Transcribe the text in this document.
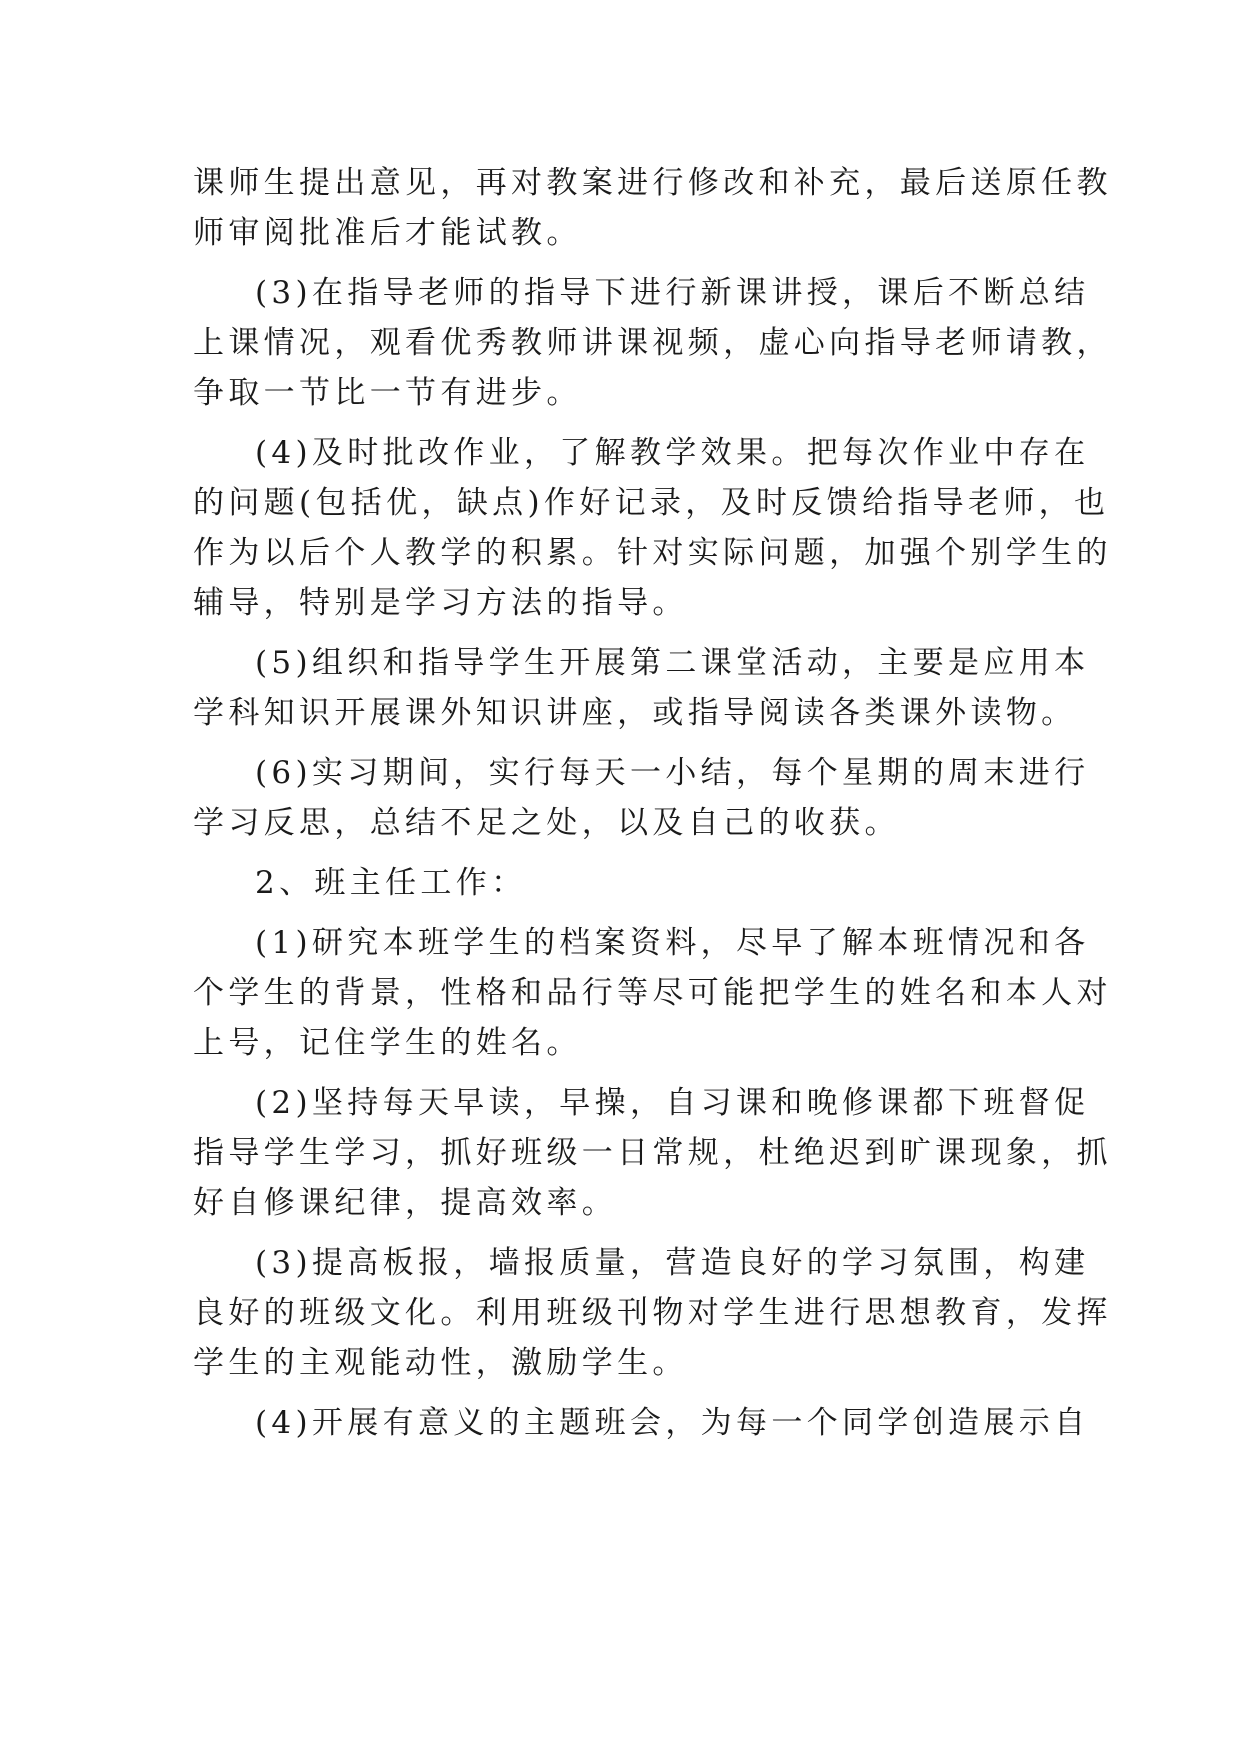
课师生提出意见，再对教案进行修改和补充，最后送原任教
师审阅批准后才能试教。
(3)在指导老师的指导下进行新课讲授，课后不断总结
上课情况，观看优秀教师讲课视频，虚心向指导老师请教，
争取一节比一节有进步。
(4)及时批改作业，了解教学效果。把每次作业中存在
的问题(包括优，缺点)作好记录，及时反馈给指导老师，也
作为以后个人教学的积累。针对实际问题，加强个别学生的
辅导，特别是学习方法的指导。
(5)组织和指导学生开展第二课堂活动，主要是应用本
学科知识开展课外知识讲座，或指导阅读各类课外读物。
(6)实习期间，实行每天一小结，每个星期的周末进行
学习反思，总结不足之处，以及自己的收获。
2、班主任工作：
(1)研究本班学生的档案资料，尽早了解本班情况和各
个学生的背景，性格和品行等尽可能把学生的姓名和本人对
上号，记住学生的姓名。
(2)坚持每天早读，早操，自习课和晚修课都下班督促
指导学生学习，抓好班级一日常规，杜绝迟到旷课现象，抓
好自修课纪律，提高效率。
(3)提高板报，墙报质量，营造良好的学习氛围，构建
良好的班级文化。利用班级刊物对学生进行思想教育，发挥
学生的主观能动性，激励学生。
(4)开展有意义的主题班会，为每一个同学创造展示自
